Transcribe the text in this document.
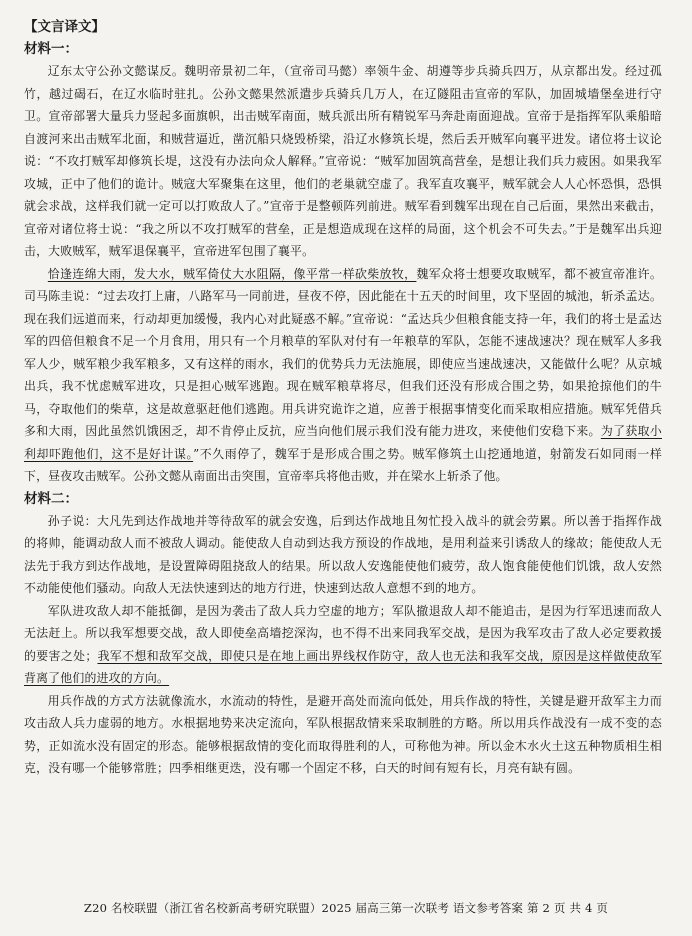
【文言译文】
材料一：

辽东太守公孙文懿谋反。魏明帝景初二年，（宣帝司马懿）率领牛金、胡遵等步兵骑兵四万，从京都出发。经过孤竹，越过碣石，在辽水临时驻扎。公孙文懿果然派遣步兵骑兵几万人，在辽隧阻击宣帝的军队，加固城墙堡垒进行守卫。宣帝部署大量兵力竖起多面旗帜，出击贼军南面，贼兵派出所有精锐军马奔赴南面迎战。宣帝于是指挥军队乘船暗自渡河来出击贼军北面，和贼营逼近，凿沉船只烧毁桥梁，沿辽水修筑长堤，然后丢开贼军向襄平进发。诸位将士议论说：“不攻打贼军却修筑长堤，这没有办法向众人解释。”宣帝说：“贼军加固筑高营垒，是想让我们兵力疲困。如果我军攻城，正中了他们的诡计。贼寇大军聚集在这里，他们的老巢就空虚了。我军直攻襄平，贼军就会人人心怀恐惧，恐惧就会求战，这样我们就一定可以打败敌人了。”宣帝于是整顿阵列前进。贼军看到魏军出现在自己后面，果然出来截击，宣帝对诸位将士说：“我之所以不攻打贼军的营垒，正是想造成现在这样的局面，这个机会不可失去。”于是魏军出兵迎击，大败贼军，贼军退保襄平，宣帝进军包围了襄平。

恰逢连绵大雨，发大水，贼军倚仗大水阻隔，像平常一样砍柴放牧，魏军众将士想要攻取贼军，都不被宣帝准许。司马陈圭说：“过去攻打上庸，八路军马一同前进，昼夜不停，因此能在十五天的时间里，攻下坚固的城池，斩杀孟达。现在我们远道而来，行动却更加缓慢，我内心对此疑惑不解。”宣帝说：“孟达兵少但粮食能支持一年，我们的将士是孟达军的四倍但粮食不足一个月食用，用只有一个月粮草的军队对付有一年粮草的军队，怎能不速战速决？现在贼军人多我军人少，贼军粮少我军粮多，又有这样的雨水，我们的优势兵力无法施展，即使应当速战速决，又能做什么呢？从京城出兵，我不忧虑贼军进攻，只是担心贼军逃跑。现在贼军粮草将尽，但我们还没有形成合围之势，如果抢掠他们的牛马，夺取他们的柴草，这是故意驱赶他们逃跑。用兵讲究诡诈之道，应善于根据事情变化而采取相应措施。贼军凭借兵多和大雨，因此虽然饥饿困乏，却不肯停止反抗，应当向他们展示我们没有能力进攻，来使他们安稳下来。为了获取小利却吓跑他们，这不是好计谋。”不久雨停了，魏军于是形成合围之势。贼军修筑土山挖通地道，射箭发石如同雨一样下，昼夜攻击贼军。公孙文懿从南面出击突围，宣帝率兵将他击败，并在梁水上斩杀了他。

材料二：

孙子说：大凡先到达作战地并等待敌军的就会安逸，后到达作战地且匆忙投入战斗的就会劳累。所以善于指挥作战的将帅，能调动敌人而不被敌人调动。能使敌人自动到达我方预设的作战地，是用利益来引诱敌人的缘故；能使敌人无法先于我方到达作战地，是设置障碍阻挠敌人的结果。所以敌人安逸能使他们疲劳，敌人饱食能使他们饥饿，敌人安然不动能使他们骚动。向敌人无法快速到达的地方行进，快速到达敌人意想不到的地方。

军队进攻敌人却不能抵御，是因为袭击了敌人兵力空虚的地方；军队撤退敌人却不能追击，是因为行军迅速而敌人无法赶上。所以我军想要交战，敌人即使垒高墙挖深沟，也不得不出来同我军交战，是因为我军攻击了敌人必定要救援的要害之处；我军不想和敌军交战，即使只是在地上画出界线权作防守，敌人也无法和我军交战，原因是这样做使敌军背离了他们的进攻的方向。

用兵作战的方式方法就像流水，水流动的特性，是避开高处而流向低处，用兵作战的特性，关键是避开敌军主力而攻击敌人兵力虚弱的地方。水根据地势来决定流向，军队根据敌情来采取制胜的方略。所以用兵作战没有一成不变的态势，正如流水没有固定的形态。能够根据敌情的变化而取得胜利的人，可称他为神。所以金木水火土这五种物质相生相克，没有哪一个能够常胜；四季相继更迭，没有哪一个固定不移，白天的时间有短有长，月亮有缺有圆。

Z20 名校联盟（浙江省名校新高考研究联盟）2025 届高三第一次联考 语文参考答案 第 2 页 共 4 页
